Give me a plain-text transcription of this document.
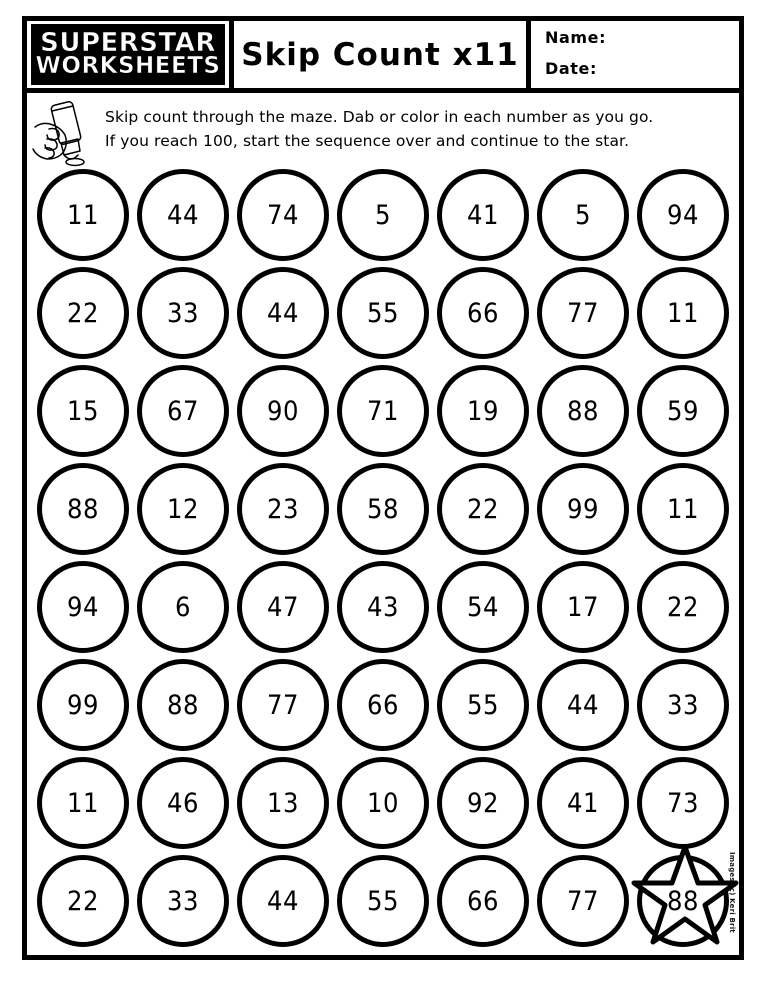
SUPERSTAR
WORKSHEETS Skip Count x11 Name:
Date:
Skip count through the maze. Dab or color in each number as you go.
If you reach 100, start the sequence over and continue to the star.
11	44	74	5	41	5	94
22	33	44	55	66	77	11
15	67	90	71	19	88	59
88	12	23	58	22	99	11
94	6	47	43	54	17	22
99	88	77	66	55	44	33
11	46	13	10	92	41	73
22	33	44	55	66	77	88	Images (c) Keri Brit
